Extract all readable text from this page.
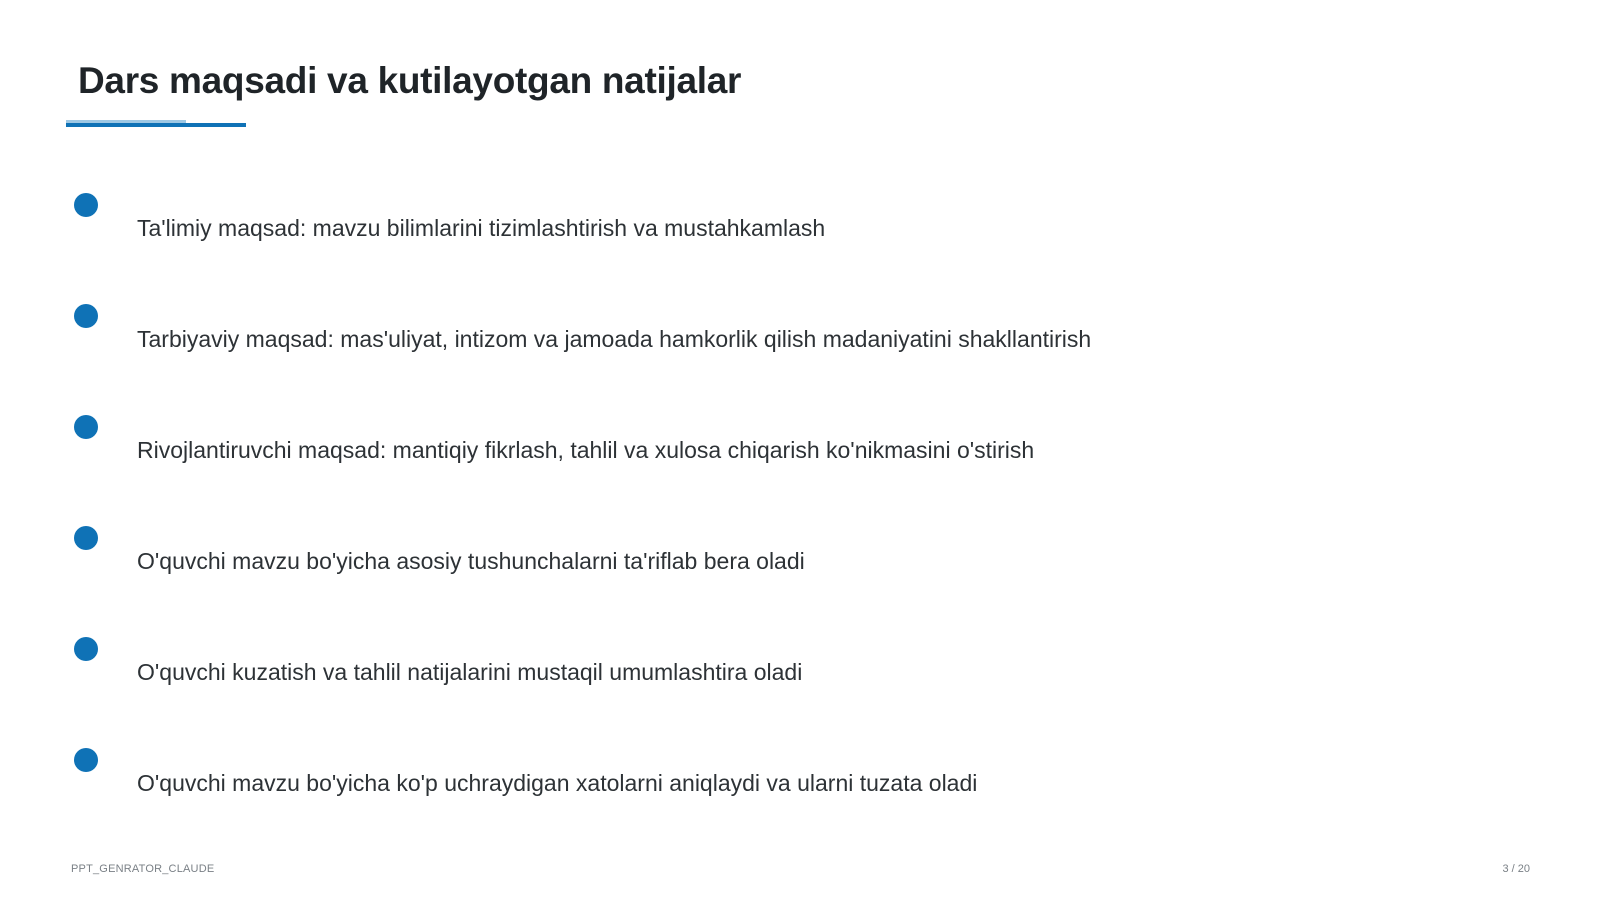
Dars maqsadi va kutilayotgan natijalar
Ta'limiy maqsad: mavzu bilimlarini tizimlashtirish va mustahkamlash
Tarbiyaviy maqsad: mas'uliyat, intizom va jamoada hamkorlik qilish madaniyatini shakllantirish
Rivojlantiruvchi maqsad: mantiqiy fikrlash, tahlil va xulosa chiqarish ko'nikmasini o'stirish
O'quvchi mavzu bo'yicha asosiy tushunchalarni ta'riflab bera oladi
O'quvchi kuzatish va tahlil natijalarini mustaqil umumlashtira oladi
O'quvchi mavzu bo'yicha ko'p uchraydigan xatolarni aniqlaydi va ularni tuzata oladi
PPT_GENRATOR_CLAUDE	3 / 20
